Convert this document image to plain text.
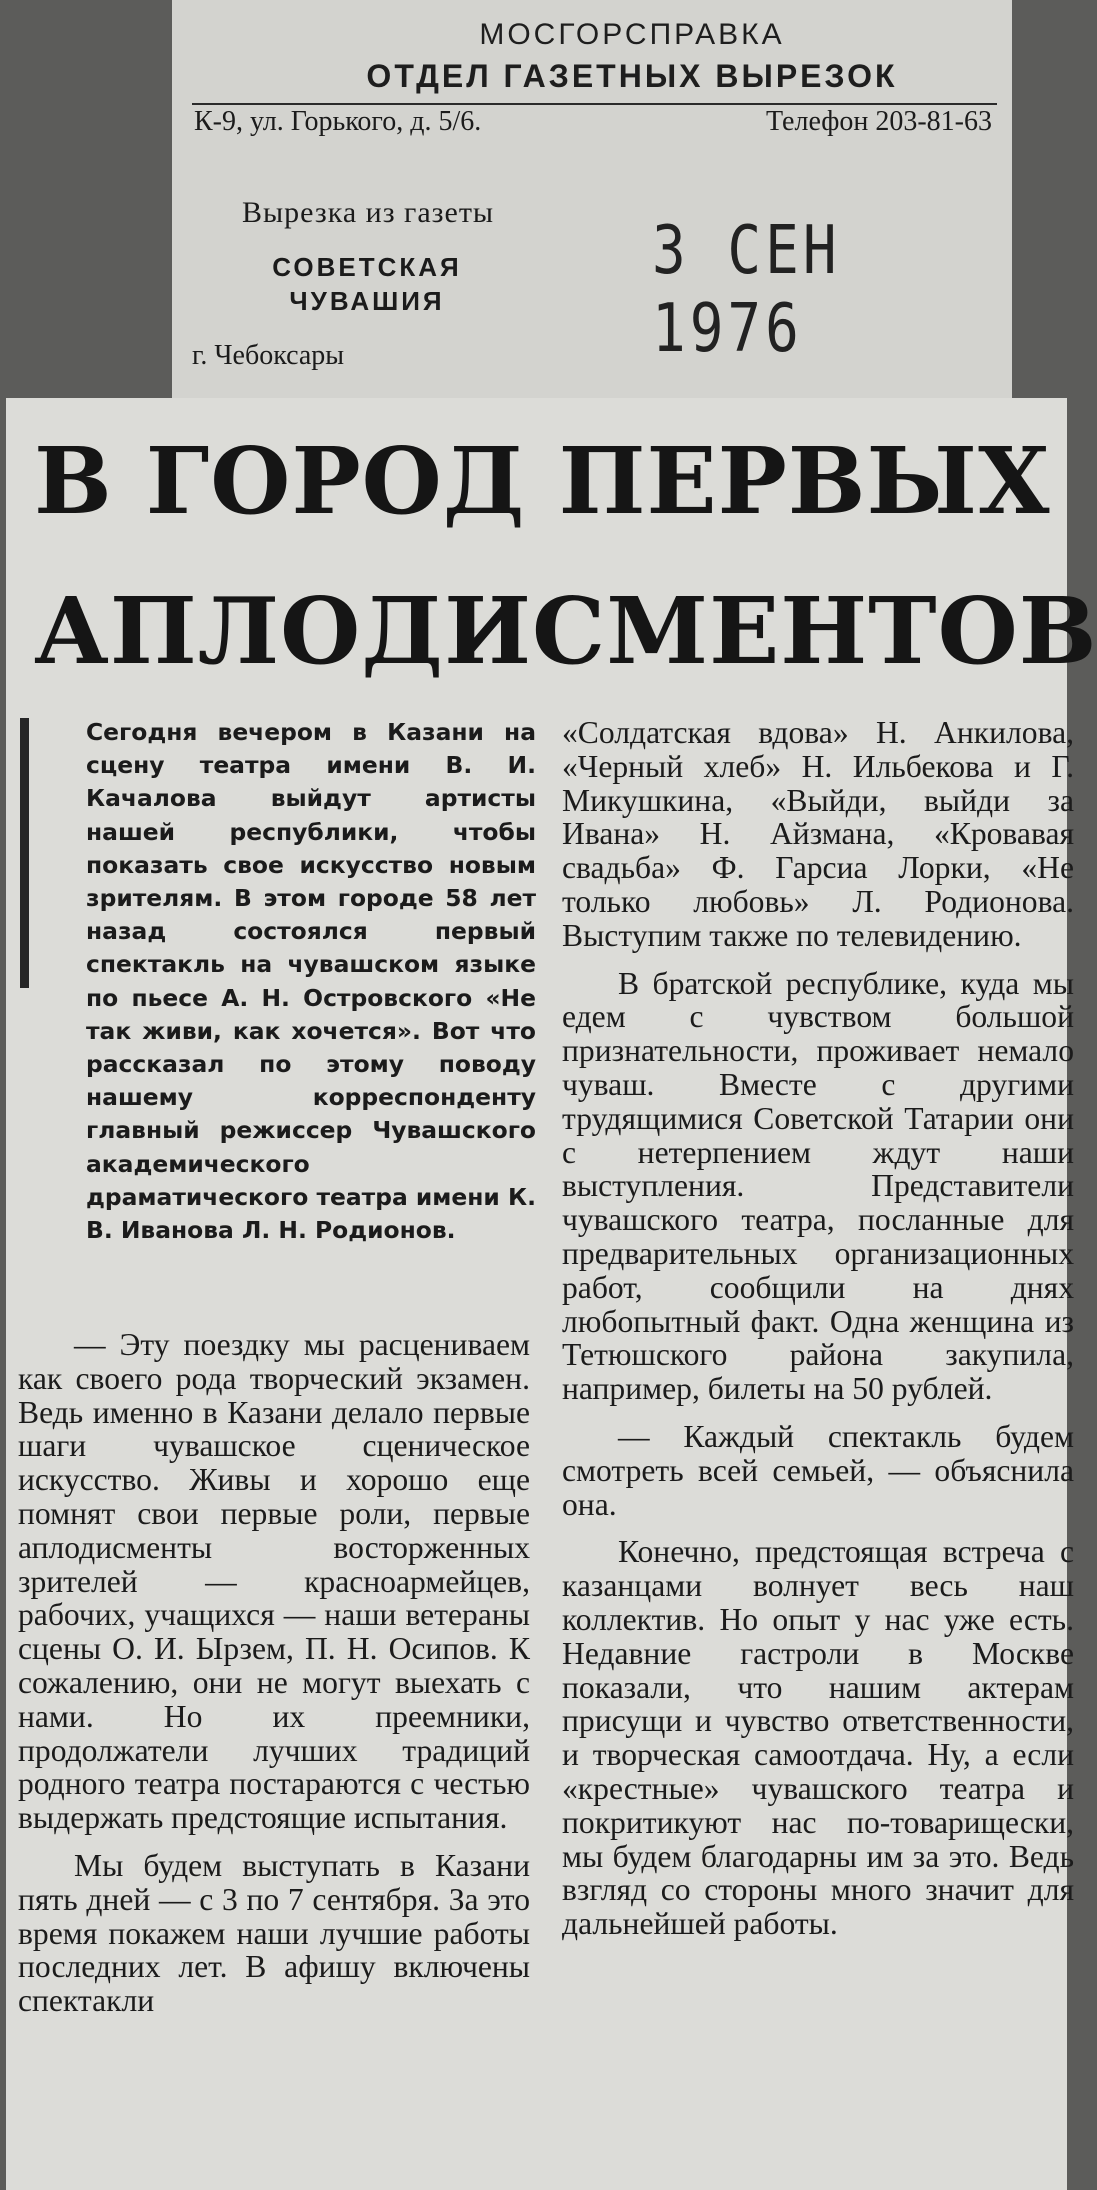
МОСГОРСПРАВКА
ОТДЕЛ ГАЗЕТНЫХ ВЫРЕЗОК
К-9, ул. Горького, д. 5/6.	Телефон 203-81-63
Вырезка из газеты
СОВЕТСКАЯ ЧУВАШИЯ
г. Чебоксары
3 СЕН 1976
В ГОРОД ПЕРВЫХ
АПЛОДИСМЕНТОВ
Сегодня вечером в Казани на сцену театра имени В. И. Качалова выйдут артисты нашей республики, чтобы показать свое искусство новым зрителям. В этом городе 58 лет назад состоялся первый спектакль на чувашском языке по пьесе А. Н. Островского «Не так живи, как хочется». Вот что рассказал по этому поводу нашему корреспонденту главный режиссер Чувашского академического драматического театра имени К. В. Иванова Л. Н. Родионов.

— Эту поездку мы расцениваем как своего рода творческий экзамен. Ведь именно в Казани делало первые шаги чувашское сценическое искусство. Живы и хорошо еще помнят свои первые роли, первые аплодисменты восторженных зрителей — красноармейцев, рабочих, учащихся — наши ветераны сцены О. И. Ырзем, П. Н. Осипов. К сожалению, они не могут выехать с нами. Но их преемники, продолжатели лучших традиций родного театра постараются с честью выдержать предстоящие испытания.

Мы будем выступать в Казани пять дней — с 3 по 7 сентября. За это время покажем наши лучшие работы последних лет. В афишу включены спектакли

«Солдатская вдова» Н. Анкилова, «Черный хлеб» Н. Ильбекова и Г. Микушкина, «Выйди, выйди за Ивана» Н. Айзмана, «Кровавая свадьба» Ф. Гарсиа Лорки, «Не только любовь» Л. Родионова. Выступим также по телевидению.

В братской республике, куда мы едем с чувством большой признательности, проживает немало чуваш. Вместе с другими трудящимися Советской Татарии они с нетерпением ждут наши выступления. Представители чувашского театра, посланные для предварительных организационных работ, сообщили на днях любопытный факт. Одна женщина из Тетюшского района закупила, например, билеты на 50 рублей.

— Каждый спектакль будем смотреть всей семьей, — объяснила она.

Конечно, предстоящая встреча с казанцами волнует весь наш коллектив. Но опыт у нас уже есть. Недавние гастроли в Москве показали, что нашим актерам присущи и чувство ответственности, и творческая самоотдача. Ну, а если «крестные» чувашского театра и покритикуют нас по-товарищески, мы будем благодарны им за это. Ведь взгляд со стороны много значит для дальнейшей работы.
